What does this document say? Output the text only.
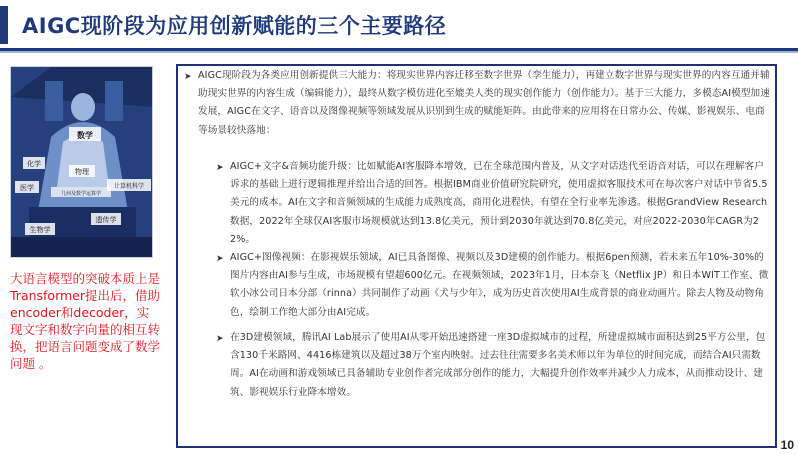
AIGC现阶段为应用创新赋能的三个主要路径
数学
化学
物理
医学	计算机科学
几何及数学运算学
遗传学
生物学
大语言模型的突破本质上是Transformer提出后，借助encoder和decoder，实现文字和数字向量的相互转换，把语言问题变成了数学问题 。
➤ AIGC现阶段为各类应用创新提供三大能力：将现实世界内容迁移至数字世界（孪生能力），再建立数字世界与现实世界的内容互通并辅助现实世界的内容生成（编辑能力），最终从数字模仿进化至媲美人类的现实创作能力（创作能力）。基于三大能力，多模态AI模型加速发展，AIGC在文字、语音以及图像视频等领域发展从识别到生成的赋能矩阵。由此带来的应用将在日常办公、传媒、影视娱乐、电商等场景较快落地：
➤ AIGC+文字&音频功能升级：比如赋能AI客服降本增效，已在全球范围内普及，从文字对话迭代至语音对话，可以在理解客户诉求的基础上进行逻辑推理并给出合适的回答。根据IBM商业价值研究院研究，使用虚拟客服技术可在每次客户对话中节省5.5美元的成本。AI在文字和音频领域的生成能力成熟度高，商用化进程快，有望在全行业率先渗透。根据GrandView Research数据，2022年全球仅AI客服市场规模就达到13.8亿美元，预计到2030年就达到70.8亿美元，对应2022-2030年CAGR为22%。
➤ AIGC+图像视频：在影视娱乐领域，AI已具备图像、视频以及3D建模的创作能力。根据6pen预测，若未来五年10%-30%的图片内容由AI参与生成，市场规模有望超600亿元。在视频领域，2023年1月，日本奈飞（Netflix JP）和日本WIT工作室、微软小冰公司日本分部（rinna）共同制作了动画《犬与少年》，成为历史首次使用AI生成背景的商业动画片。除去人物及动物角色，绘制工作绝大部分由AI完成。
➤ 在3D建模领域，腾讯AI Lab展示了使用AI从零开始迅速搭建一座3D虚拟城市的过程，所建虚拟城市面积达到25平方公里，包含130千米路网、4416栋建筑以及超过38万个室内映射。过去往往需要多名美术师以年为单位的时间完成，而结合AI只需数周。AI在动画和游戏领域已具备辅助专业创作者完成部分创作的能力，大幅提升创作效率并减少人力成本，从而推动设计、建筑、影视娱乐行业降本增效。
10
